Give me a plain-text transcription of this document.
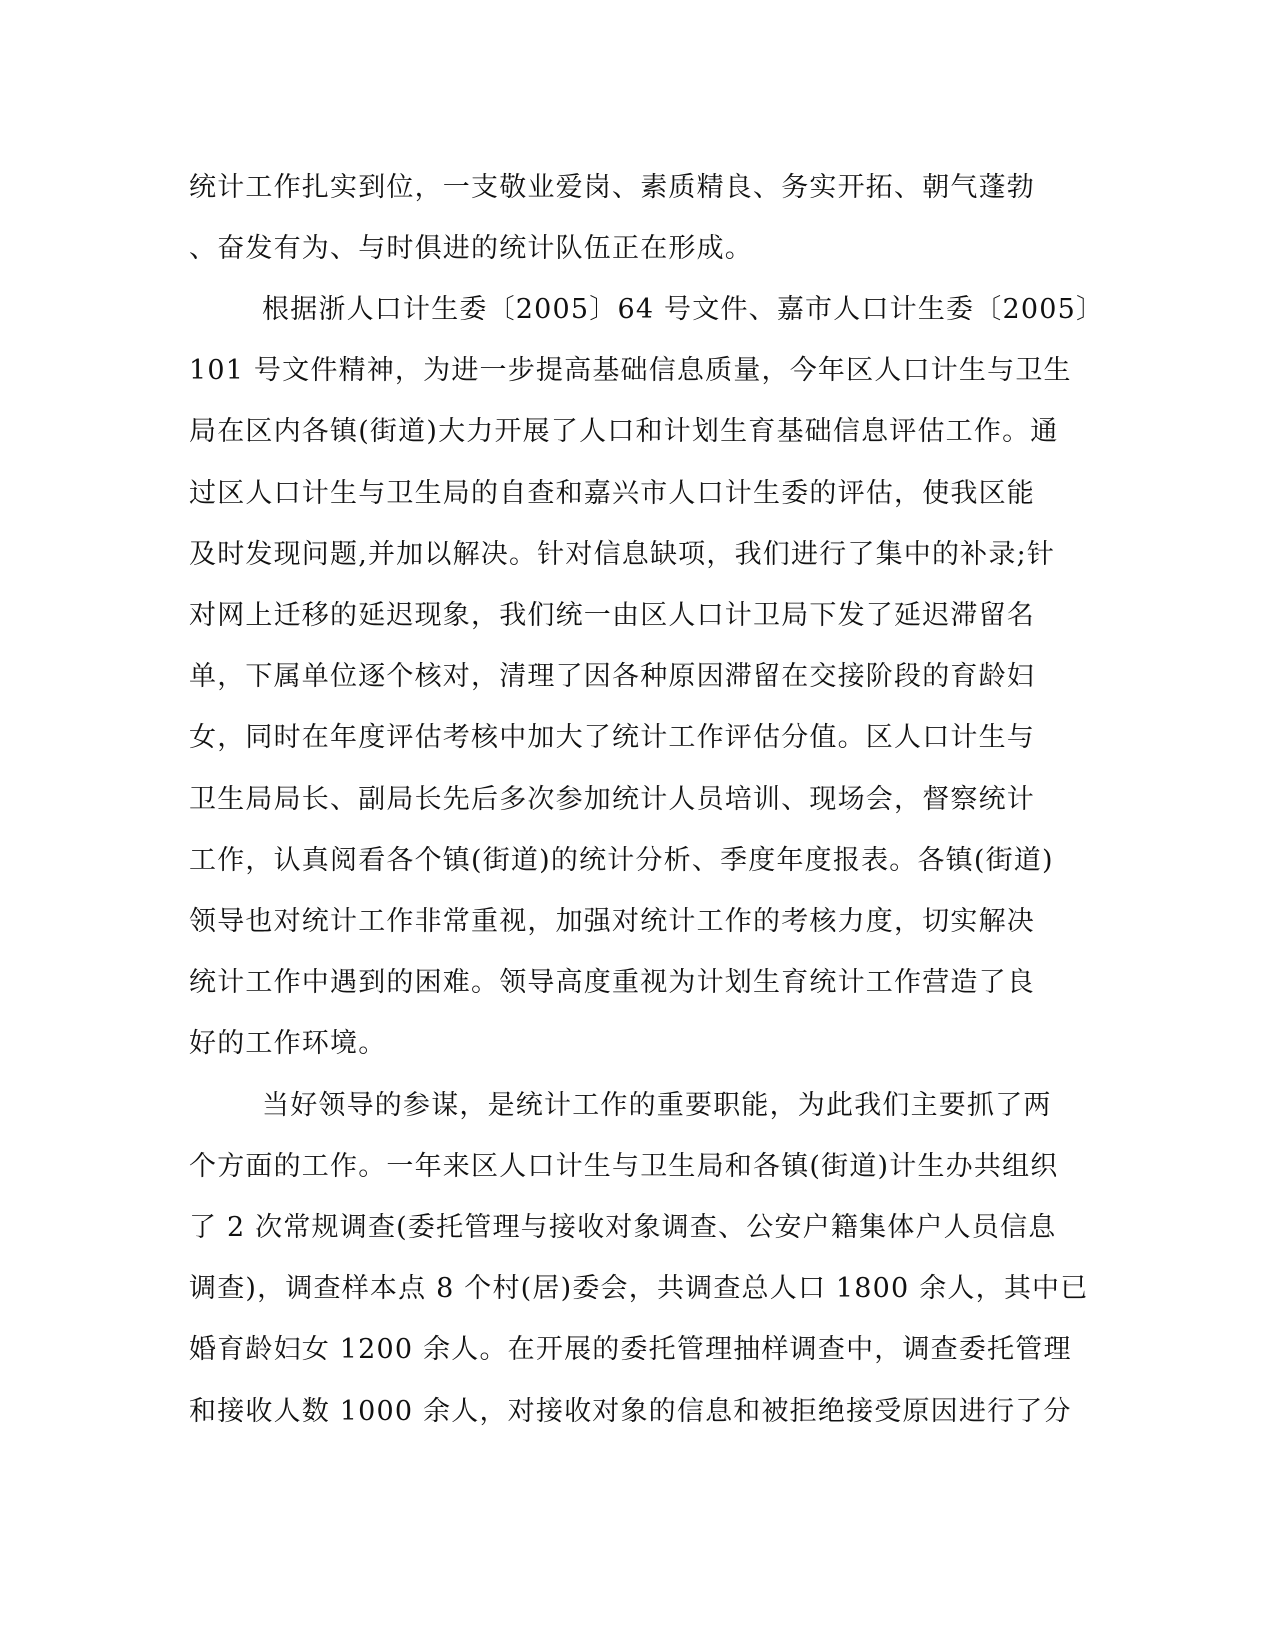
统计工作扎实到位，一支敬业爱岗、素质精良、务实开拓、朝气蓬勃
、奋发有为、与时俱进的统计队伍正在形成。
根据浙人口计生委〔2005〕64 号文件、嘉市人口计生委〔2005〕
101 号文件精神，为进一步提高基础信息质量，今年区人口计生与卫生
局在区内各镇(街道)大力开展了人口和计划生育基础信息评估工作。通
过区人口计生与卫生局的自查和嘉兴市人口计生委的评估，使我区能
及时发现问题,并加以解决。针对信息缺项，我们进行了集中的补录;针
对网上迁移的延迟现象，我们统一由区人口计卫局下发了延迟滞留名
单，下属单位逐个核对，清理了因各种原因滞留在交接阶段的育龄妇
女，同时在年度评估考核中加大了统计工作评估分值。区人口计生与
卫生局局长、副局长先后多次参加统计人员培训、现场会，督察统计
工作，认真阅看各个镇(街道)的统计分析、季度年度报表。各镇(街道)
领导也对统计工作非常重视，加强对统计工作的考核力度，切实解决
统计工作中遇到的困难。领导高度重视为计划生育统计工作营造了良
好的工作环境。
当好领导的参谋，是统计工作的重要职能，为此我们主要抓了两
个方面的工作。一年来区人口计生与卫生局和各镇(街道)计生办共组织
了 2 次常规调查(委托管理与接收对象调查、公安户籍集体户人员信息
调查)，调查样本点 8 个村(居)委会，共调查总人口 1800 余人，其中已
婚育龄妇女 1200 余人。在开展的委托管理抽样调查中，调查委托管理
和接收人数 1000 余人，对接收对象的信息和被拒绝接受原因进行了分
